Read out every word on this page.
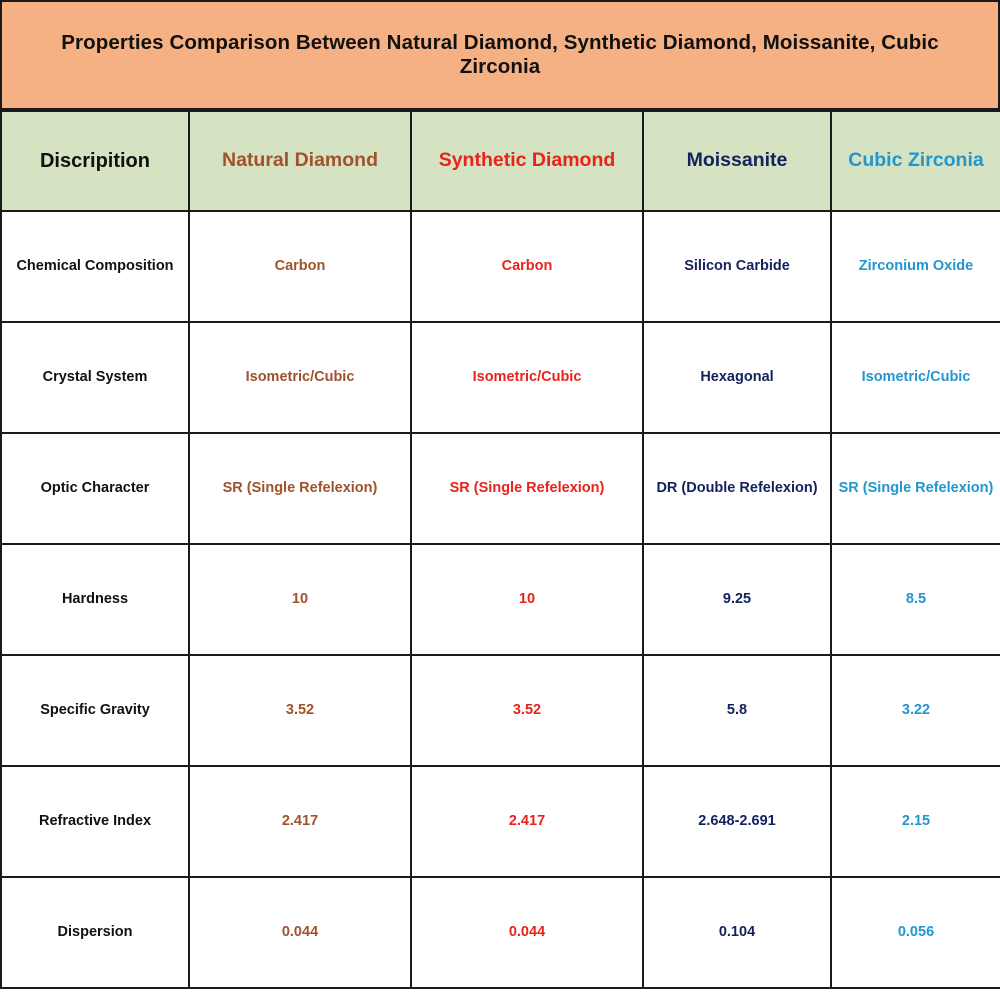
Properties Comparison Between Natural Diamond, Synthetic Diamond, Moissanite, Cubic Zirconia
Discripition	Natural Diamond	Synthetic Diamond	Moissanite	Cubic Zirconia

Chemical Composition	Carbon	Carbon	Silicon Carbide	Zirconium Oxide

Crystal System	Isometric/Cubic	Isometric/Cubic	Hexagonal	Isometric/Cubic

Optic Character	SR (Single Refelexion)	SR (Single Refelexion)	DR (Double Refelexion)	SR (Single Refelexion)

Hardness	10	10	9.25	8.5

Specific Gravity	3.52	3.52	5.8	3.22

Refractive Index	2.417	2.417	2.648-2.691	2.15

Dispersion	0.044	0.044	0.104	0.056
